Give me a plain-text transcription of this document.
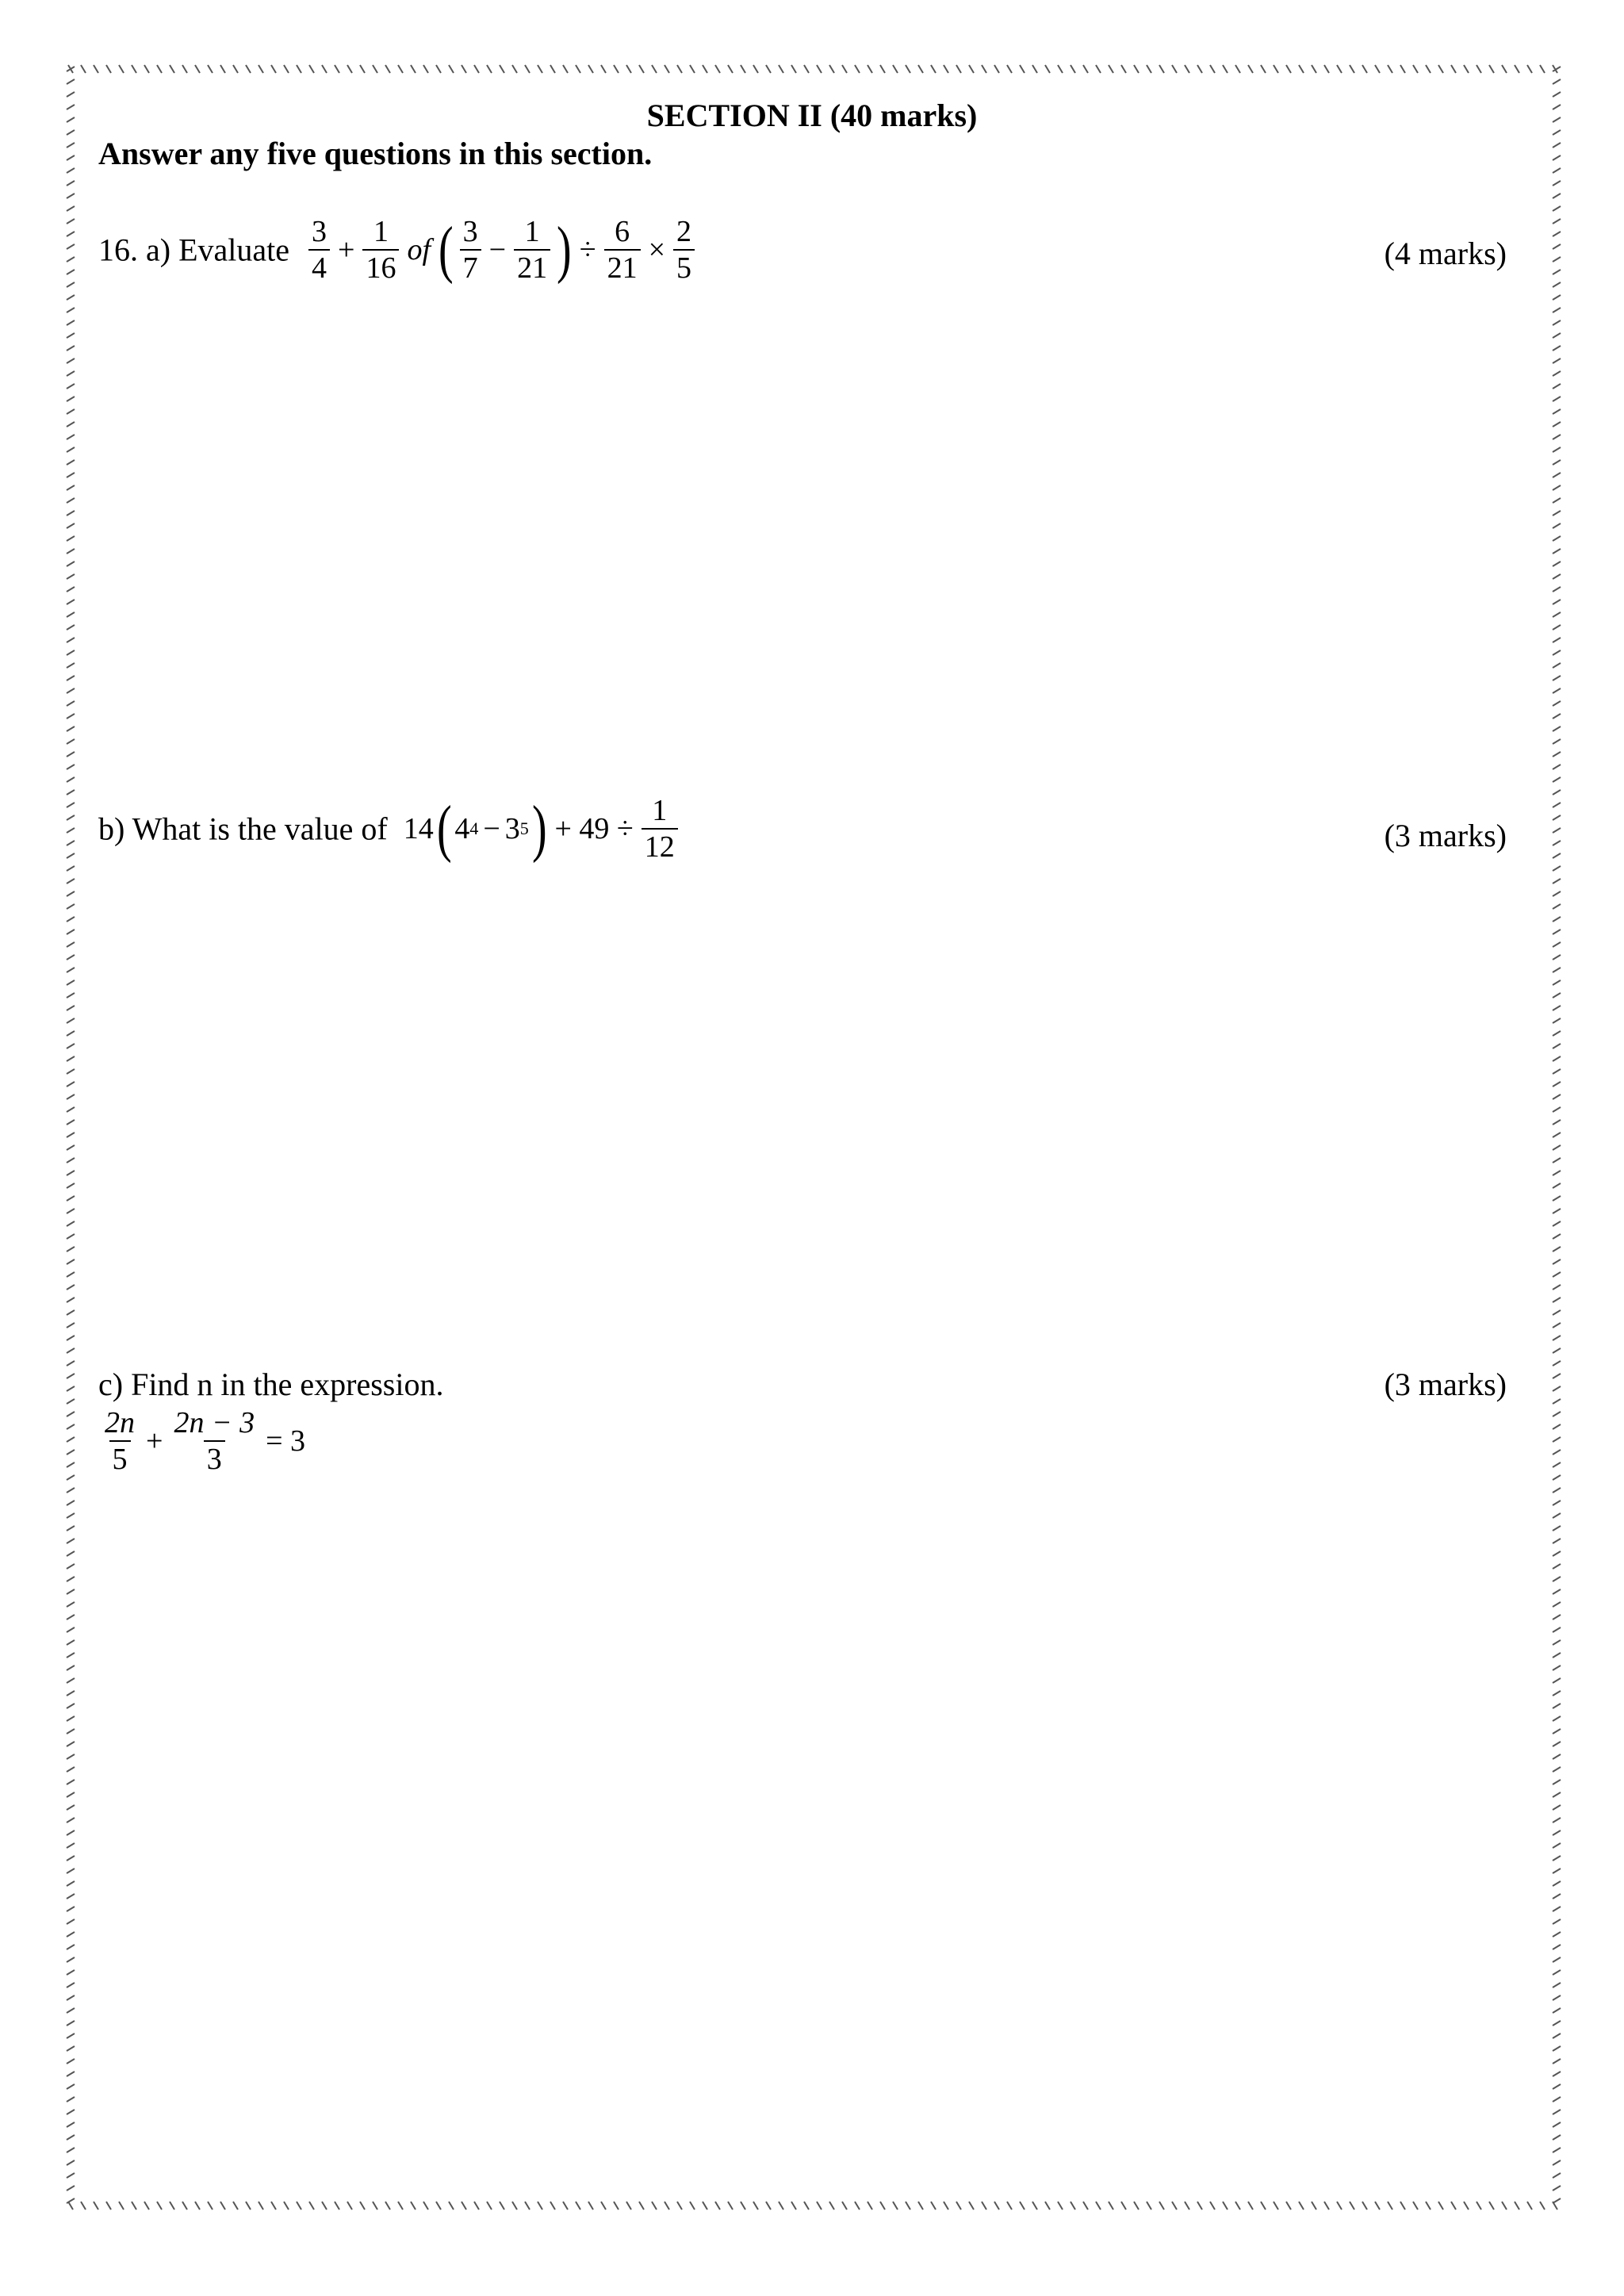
SECTION II (40 marks)
Answer any five questions in this section.
16. a) Evaluate $\frac{3}{4} + \frac{1}{16}$ of ( $\frac{3}{7} - \frac{1}{21}$ ) ÷ $\frac{6}{21} \times \frac{2}{5}$	(4 marks)
b) What is the value of 14 ( 4 4 − 3 5 ) + $49 \div \frac{1}{12}$	(3 marks)
c) Find n in the expression.	(3 marks)
$\frac{2n}{5} + \frac{2n - 3}{3} = 3$
